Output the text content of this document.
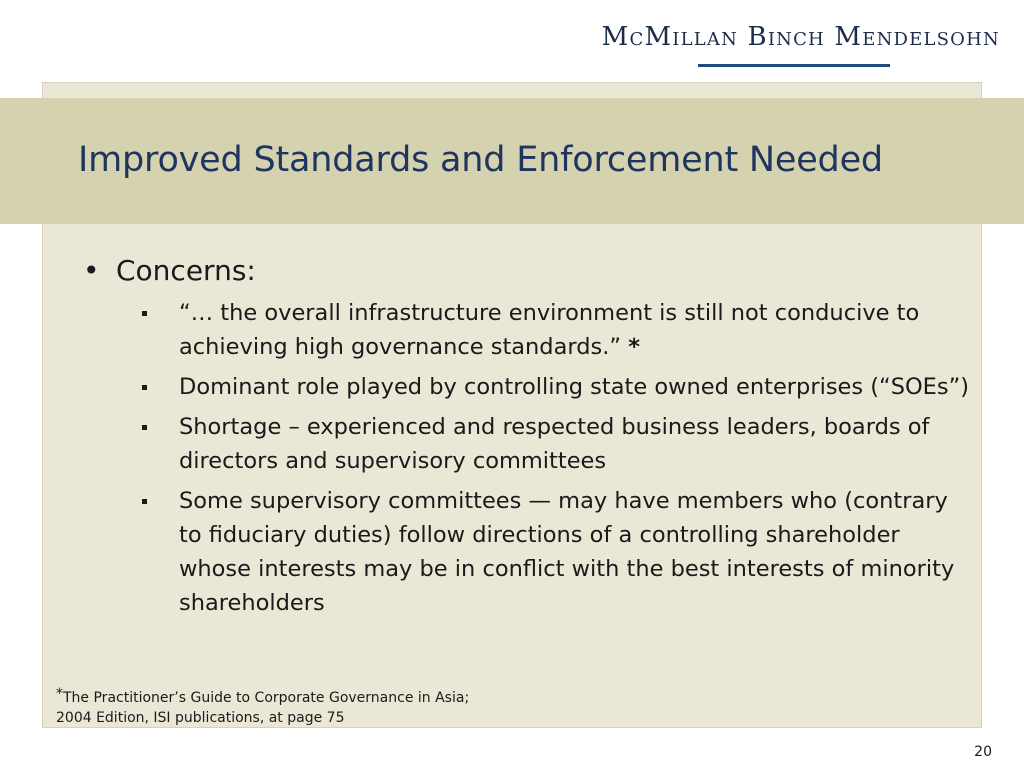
McMillan Binch Mendelsohn
Improved Standards and Enforcement Needed
• Concerns:
“… the overall infrastructure environment is still not conducive to achieving high governance standards.” *
Dominant role played by controlling state owned enterprises (“SOEs”)
Shortage – experienced and respected business leaders, boards of directors and supervisory committees
Some supervisory committees — may have members who (contrary to fiduciary duties) follow directions of a controlling shareholder whose interests may be in conflict with the best interests of minority shareholders
*The Practitioner’s Guide to Corporate Governance in Asia; 2004 Edition, ISI publications, at page 75
20
